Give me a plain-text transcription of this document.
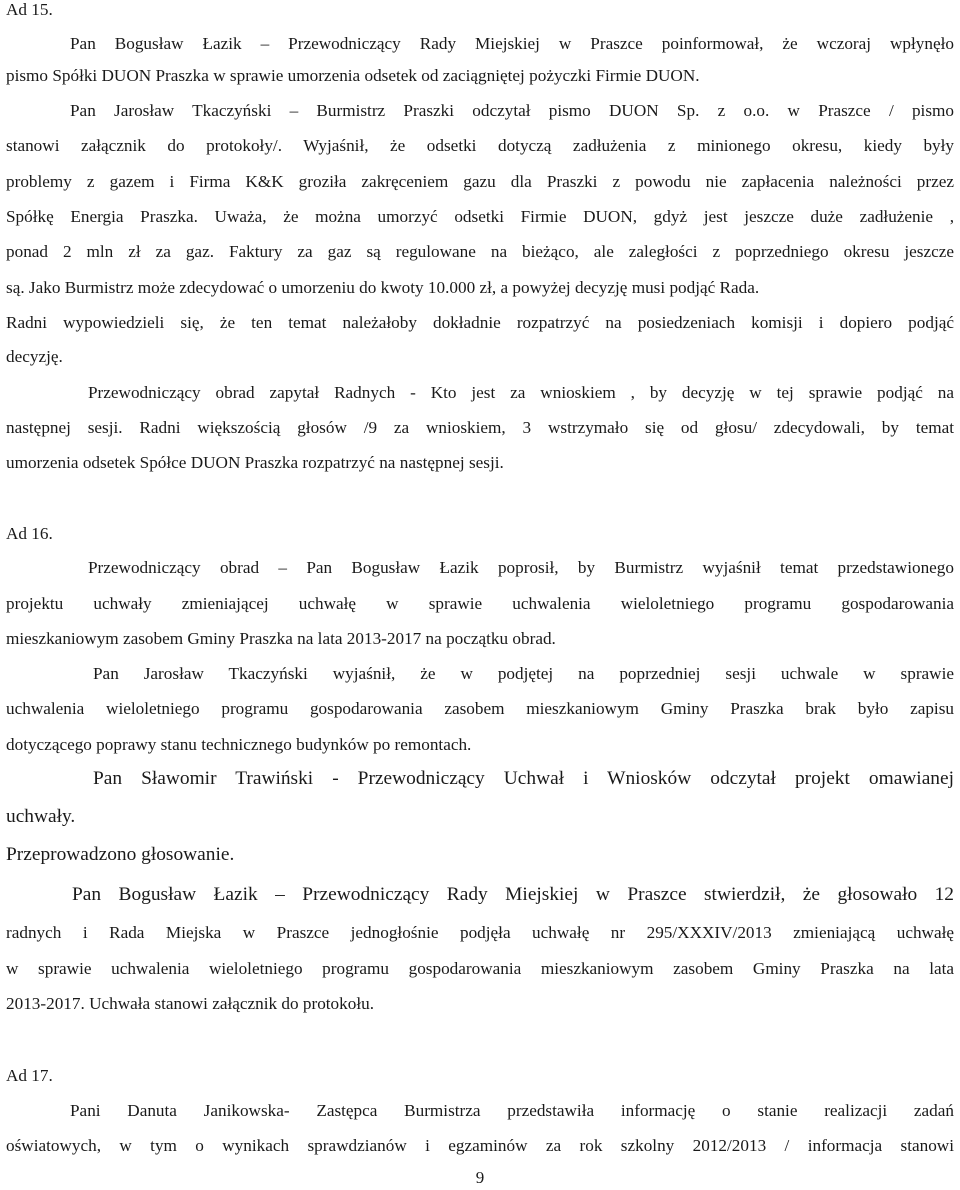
Ad 15.
Pan Bogusław Łazik – Przewodniczący Rady Miejskiej w Praszce poinformował, że wczoraj wpłynęło
pismo Spółki DUON Praszka w sprawie umorzenia odsetek od zaciągniętej pożyczki Firmie DUON.
Pan Jarosław Tkaczyński – Burmistrz Praszki odczytał pismo DUON Sp. z o.o. w Praszce / pismo
stanowi załącznik do protokoły/. Wyjaśnił, że odsetki dotyczą zadłużenia z minionego okresu, kiedy były
problemy z gazem i Firma K&K groziła zakręceniem gazu dla Praszki z powodu nie zapłacenia należności przez
Spółkę Energia Praszka. Uważa, że można umorzyć odsetki Firmie DUON, gdyż jest jeszcze duże zadłużenie ,
ponad 2 mln zł za gaz. Faktury za gaz są regulowane na bieżąco, ale zaległości z poprzedniego okresu jeszcze
są. Jako Burmistrz może zdecydować o umorzeniu do kwoty 10.000 zł, a powyżej decyzję musi podjąć Rada.
Radni wypowiedzieli się, że ten temat należałoby dokładnie rozpatrzyć na posiedzeniach komisji i dopiero podjąć
decyzję.
Przewodniczący obrad zapytał Radnych - Kto jest za wnioskiem , by decyzję w tej sprawie podjąć na
następnej sesji. Radni większością głosów /9 za wnioskiem, 3 wstrzymało się od głosu/ zdecydowali, by temat
umorzenia odsetek Spółce DUON Praszka rozpatrzyć na następnej sesji.
Ad 16.
Przewodniczący obrad – Pan Bogusław Łazik poprosił, by Burmistrz wyjaśnił temat przedstawionego
projektu uchwały zmieniającej uchwałę w sprawie uchwalenia wieloletniego programu gospodarowania
mieszkaniowym zasobem Gminy Praszka na lata 2013-2017 na początku obrad.
Pan Jarosław Tkaczyński wyjaśnił, że w podjętej na poprzedniej sesji uchwale w sprawie
uchwalenia wieloletniego programu gospodarowania zasobem mieszkaniowym Gminy Praszka brak było zapisu
dotyczącego poprawy stanu technicznego budynków po remontach.
Pan Sławomir Trawiński - Przewodniczący Uchwał i Wniosków odczytał projekt omawianej
uchwały.
Przeprowadzono głosowanie.
Pan Bogusław Łazik – Przewodniczący Rady Miejskiej w Praszce stwierdził, że głosowało 12
radnych i Rada Miejska w Praszce jednogłośnie podjęła uchwałę nr 295/XXXIV/2013 zmieniającą uchwałę
w sprawie uchwalenia wieloletniego programu gospodarowania mieszkaniowym zasobem Gminy Praszka na lata
2013-2017. Uchwała stanowi załącznik do protokołu.
Ad 17.
Pani Danuta Janikowska- Zastępca Burmistrza przedstawiła informację o stanie realizacji zadań
oświatowych, w tym o wynikach sprawdzianów i egzaminów za rok szkolny 2012/2013 / informacja stanowi
9
